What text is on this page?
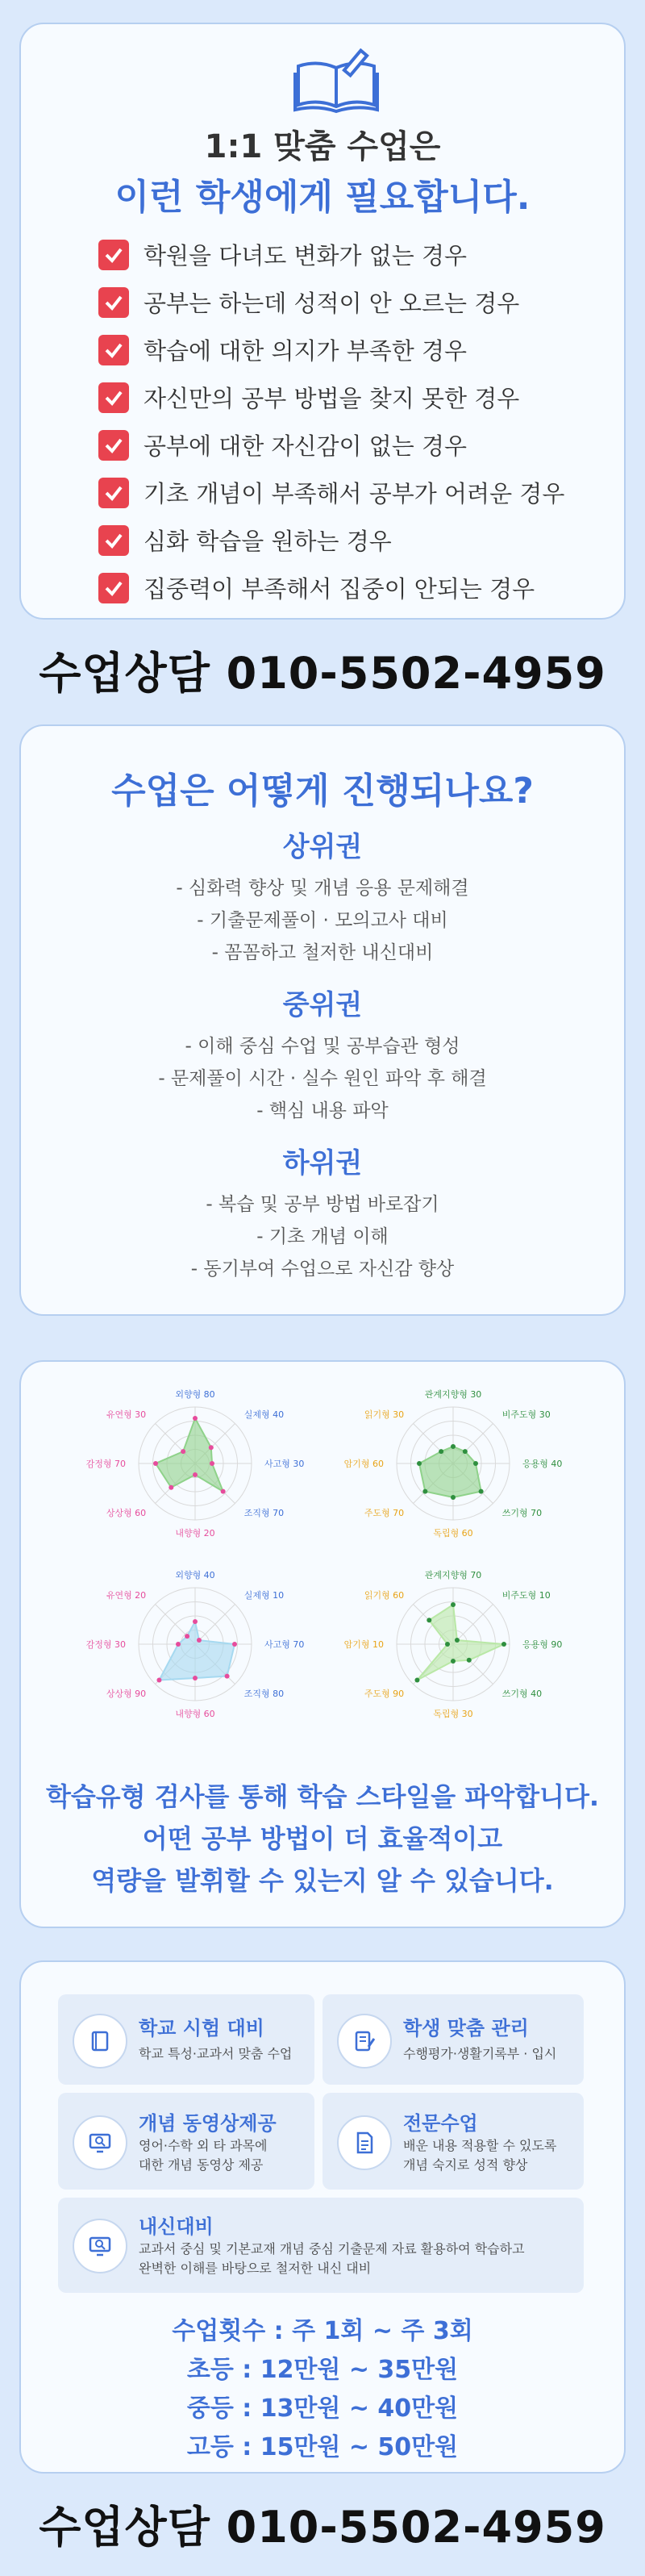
1:1 맞춤 수업은
이런 학생에게 필요합니다.
학원을 다녀도 변화가 없는 경우
공부는 하는데 성적이 안 오르는 경우
학습에 대한 의지가 부족한 경우
자신만의 공부 방법을 찾지 못한 경우
공부에 대한 자신감이 없는 경우
기초 개념이 부족해서 공부가 어려운 경우
심화 학습을 원하는 경우
집중력이 부족해서 집중이 안되는 경우
수업상담 010-5502-4959
수업은 어떻게 진행되나요?
상위권

- 심화력 향상 및 개념 응용 문제해결

- 기출문제풀이 · 모의고사 대비

- 꼼꼼하고 철저한 내신대비

중위권

- 이해 중심 수업 및 공부습관 형성

- 문제풀이 시간 · 실수 원인 파악 후 해결

- 핵심 내용 파악

하위권

- 복습 및 공부 방법 바로잡기

- 기초 개념 이해

- 동기부여 수업으로 자신감 향상

외향형 80
실제형 40
사고형 30
조직형 70
내향형 20
상상형 60
감정형 70
유연형 30
관계지향형 30
비주도형 30
응용형 40
쓰기형 70
독립형 60
주도형 70
암기형 60
읽기형 30
외향형 40
실제형 10
사고형 70
조직형 80
내향형 60
상상형 90
감정형 30
유연형 20
관계지향형 70
비주도형 10
응용형 90
쓰기형 40
독립형 30
주도형 90
암기형 10
읽기형 60
학습유형 검사를 통해 학습 스타일을 파악합니다.
어떤 공부 방법이 더 효율적이고
역량을 발휘할 수 있는지 알 수 있습니다.
학교 시험 대비
학교 특성·교과서 맞춤 수업
학생 맞춤 관리
수행평가·생활기록부 · 입시
개념 동영상제공
영어·수학 외 타 과목에
대한 개념 동영상 제공
전문수업
배운 내용 적용할 수 있도록
개념 숙지로 성적 향상
내신대비
교과서 중심 및 기본교재 개념 중심 기출문제 자료 활용하여 학습하고
완벽한 이해를 바탕으로 철저한 내신 대비
수업횟수 : 주 1회 ~ 주 3회
초등 : 12만원 ~ 35만원
중등 : 13만원 ~ 40만원
고등 : 15만원 ~ 50만원
수업상담 010-5502-4959
